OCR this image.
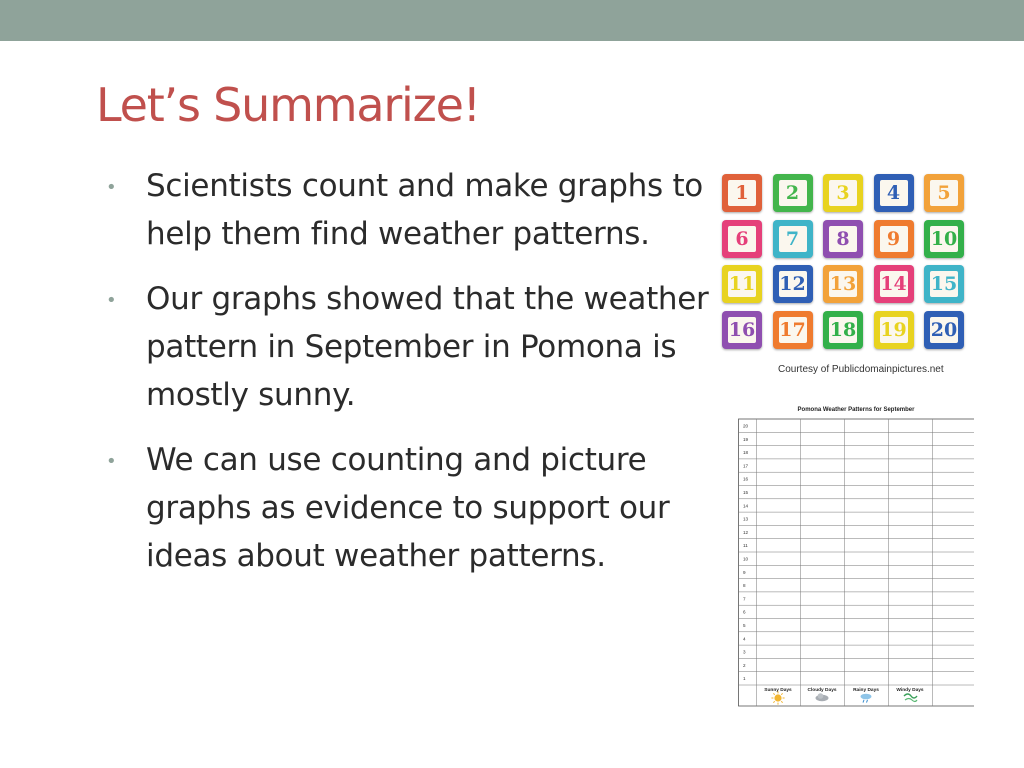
Let’s Summarize!
• Scientists count and make graphs to help them find weather patterns.
• Our graphs showed that the weather pattern in September in Pomona is mostly sunny.
• We can use counting and picture graphs as evidence to support our ideas about weather patterns.
1	2	3	4	5
6	7	8	9	10
11 12 13 14 15
16 17 18 19 20
Courtesy of Publicdomainpictures.net
Pomona Weather Patterns for September
20
19
18
17
16
15
14
13
12
11
10
9
8
7
6
5
4
3
2
1
Sunny Days	Cloudy Days	Rainy Days	Windy Days
